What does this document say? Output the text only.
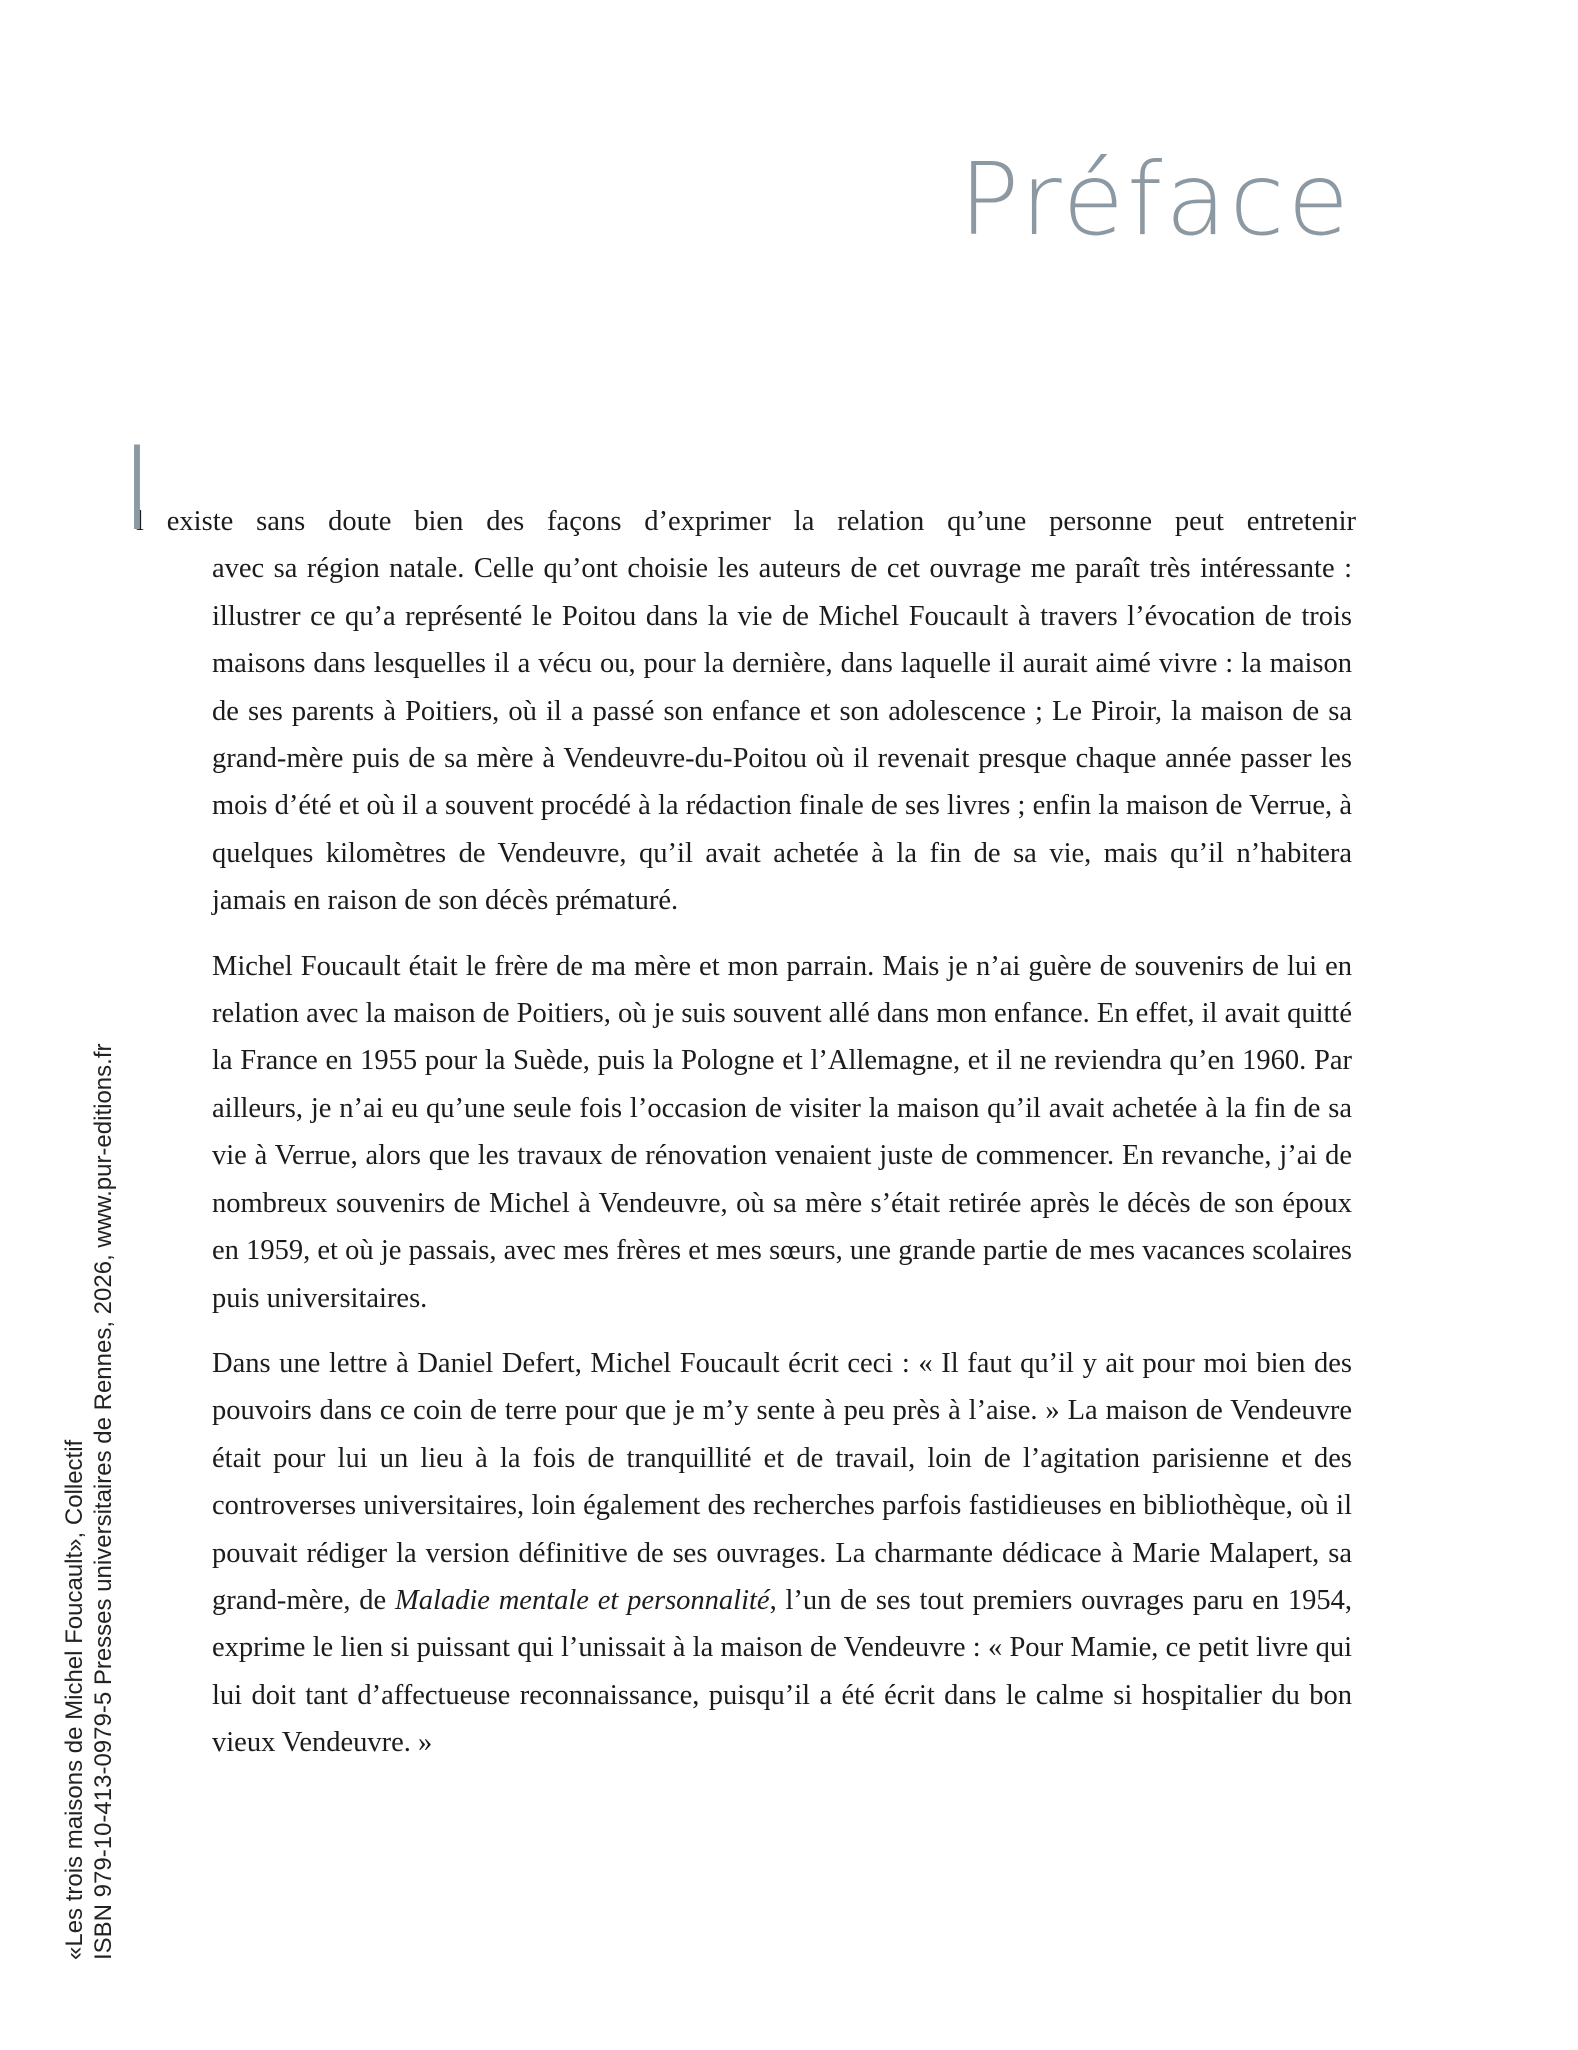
Préface

I
l existe sans doute bien des façons d’exprimer la relation qu’une personne peut entretenir
avec sa région natale. Celle qu’ont choisie les auteurs de cet ouvrage me paraît très intéressante : illustrer ce qu’a représenté le Poitou dans la vie de Michel Foucault à travers l’évocation de trois maisons dans lesquelles il a vécu ou, pour la dernière, dans laquelle il aurait aimé vivre : la maison de ses parents à Poitiers, où il a passé son enfance et son adolescence ; Le Piroir, la maison de sa grand-mère puis de sa mère à Vendeuvre-du-Poitou où il revenait presque chaque année passer les mois d’été et où il a souvent procédé à la rédaction finale de ses livres ; enfin la maison de Verrue, à quelques kilomètres de Vendeuvre, qu’il avait achetée à la fin de sa vie, mais qu’il n’habitera jamais en raison de son décès prématuré.

Michel Foucault était le frère de ma mère et mon parrain. Mais je n’ai guère de souvenirs de lui en relation avec la maison de Poitiers, où je suis souvent allé dans mon enfance. En effet, il avait quitté la France en 1955 pour la Suède, puis la Pologne et l’Allemagne, et il ne reviendra qu’en 1960. Par ailleurs, je n’ai eu qu’une seule fois l’occasion de visiter la maison qu’il avait achetée à la fin de sa vie à Verrue, alors que les travaux de rénovation venaient juste de commencer. En revanche, j’ai de nombreux souvenirs de Michel à Vendeuvre, où sa mère s’était retirée après le décès de son époux en 1959, et où je passais, avec mes frères et mes sœurs, une grande partie de mes vacances scolaires puis universitaires.

Dans une lettre à Daniel Defert, Michel Foucault écrit ceci : « Il faut qu’il y ait pour moi bien des pouvoirs dans ce coin de terre pour que je m’y sente à peu près à l’aise. » La maison de Vendeuvre était pour lui un lieu à la fois de tranquillité et de travail, loin de l’agitation parisienne et des controverses universitaires, loin également des recherches parfois fastidieuses en bibliothèque, où il pouvait rédiger la version définitive de ses ouvrages. La charmante dédicace à Marie Malapert, sa grand-mère, de Maladie mentale et personnalité, l’un de ses tout premiers ouvrages paru en 1954, exprime le lien si puissant qui l’unissait à la maison de Vendeuvre : « Pour Mamie, ce petit livre qui lui doit tant d’affectueuse reconnaissance, puisqu’il a été écrit dans le calme si hospitalier du bon vieux Vendeuvre. »

«Les trois maisons de Michel Foucault», Collectif ISBN 979-10-413-0979-5 Presses universitaires de Rennes, 2026, www.pur-editions.fr
